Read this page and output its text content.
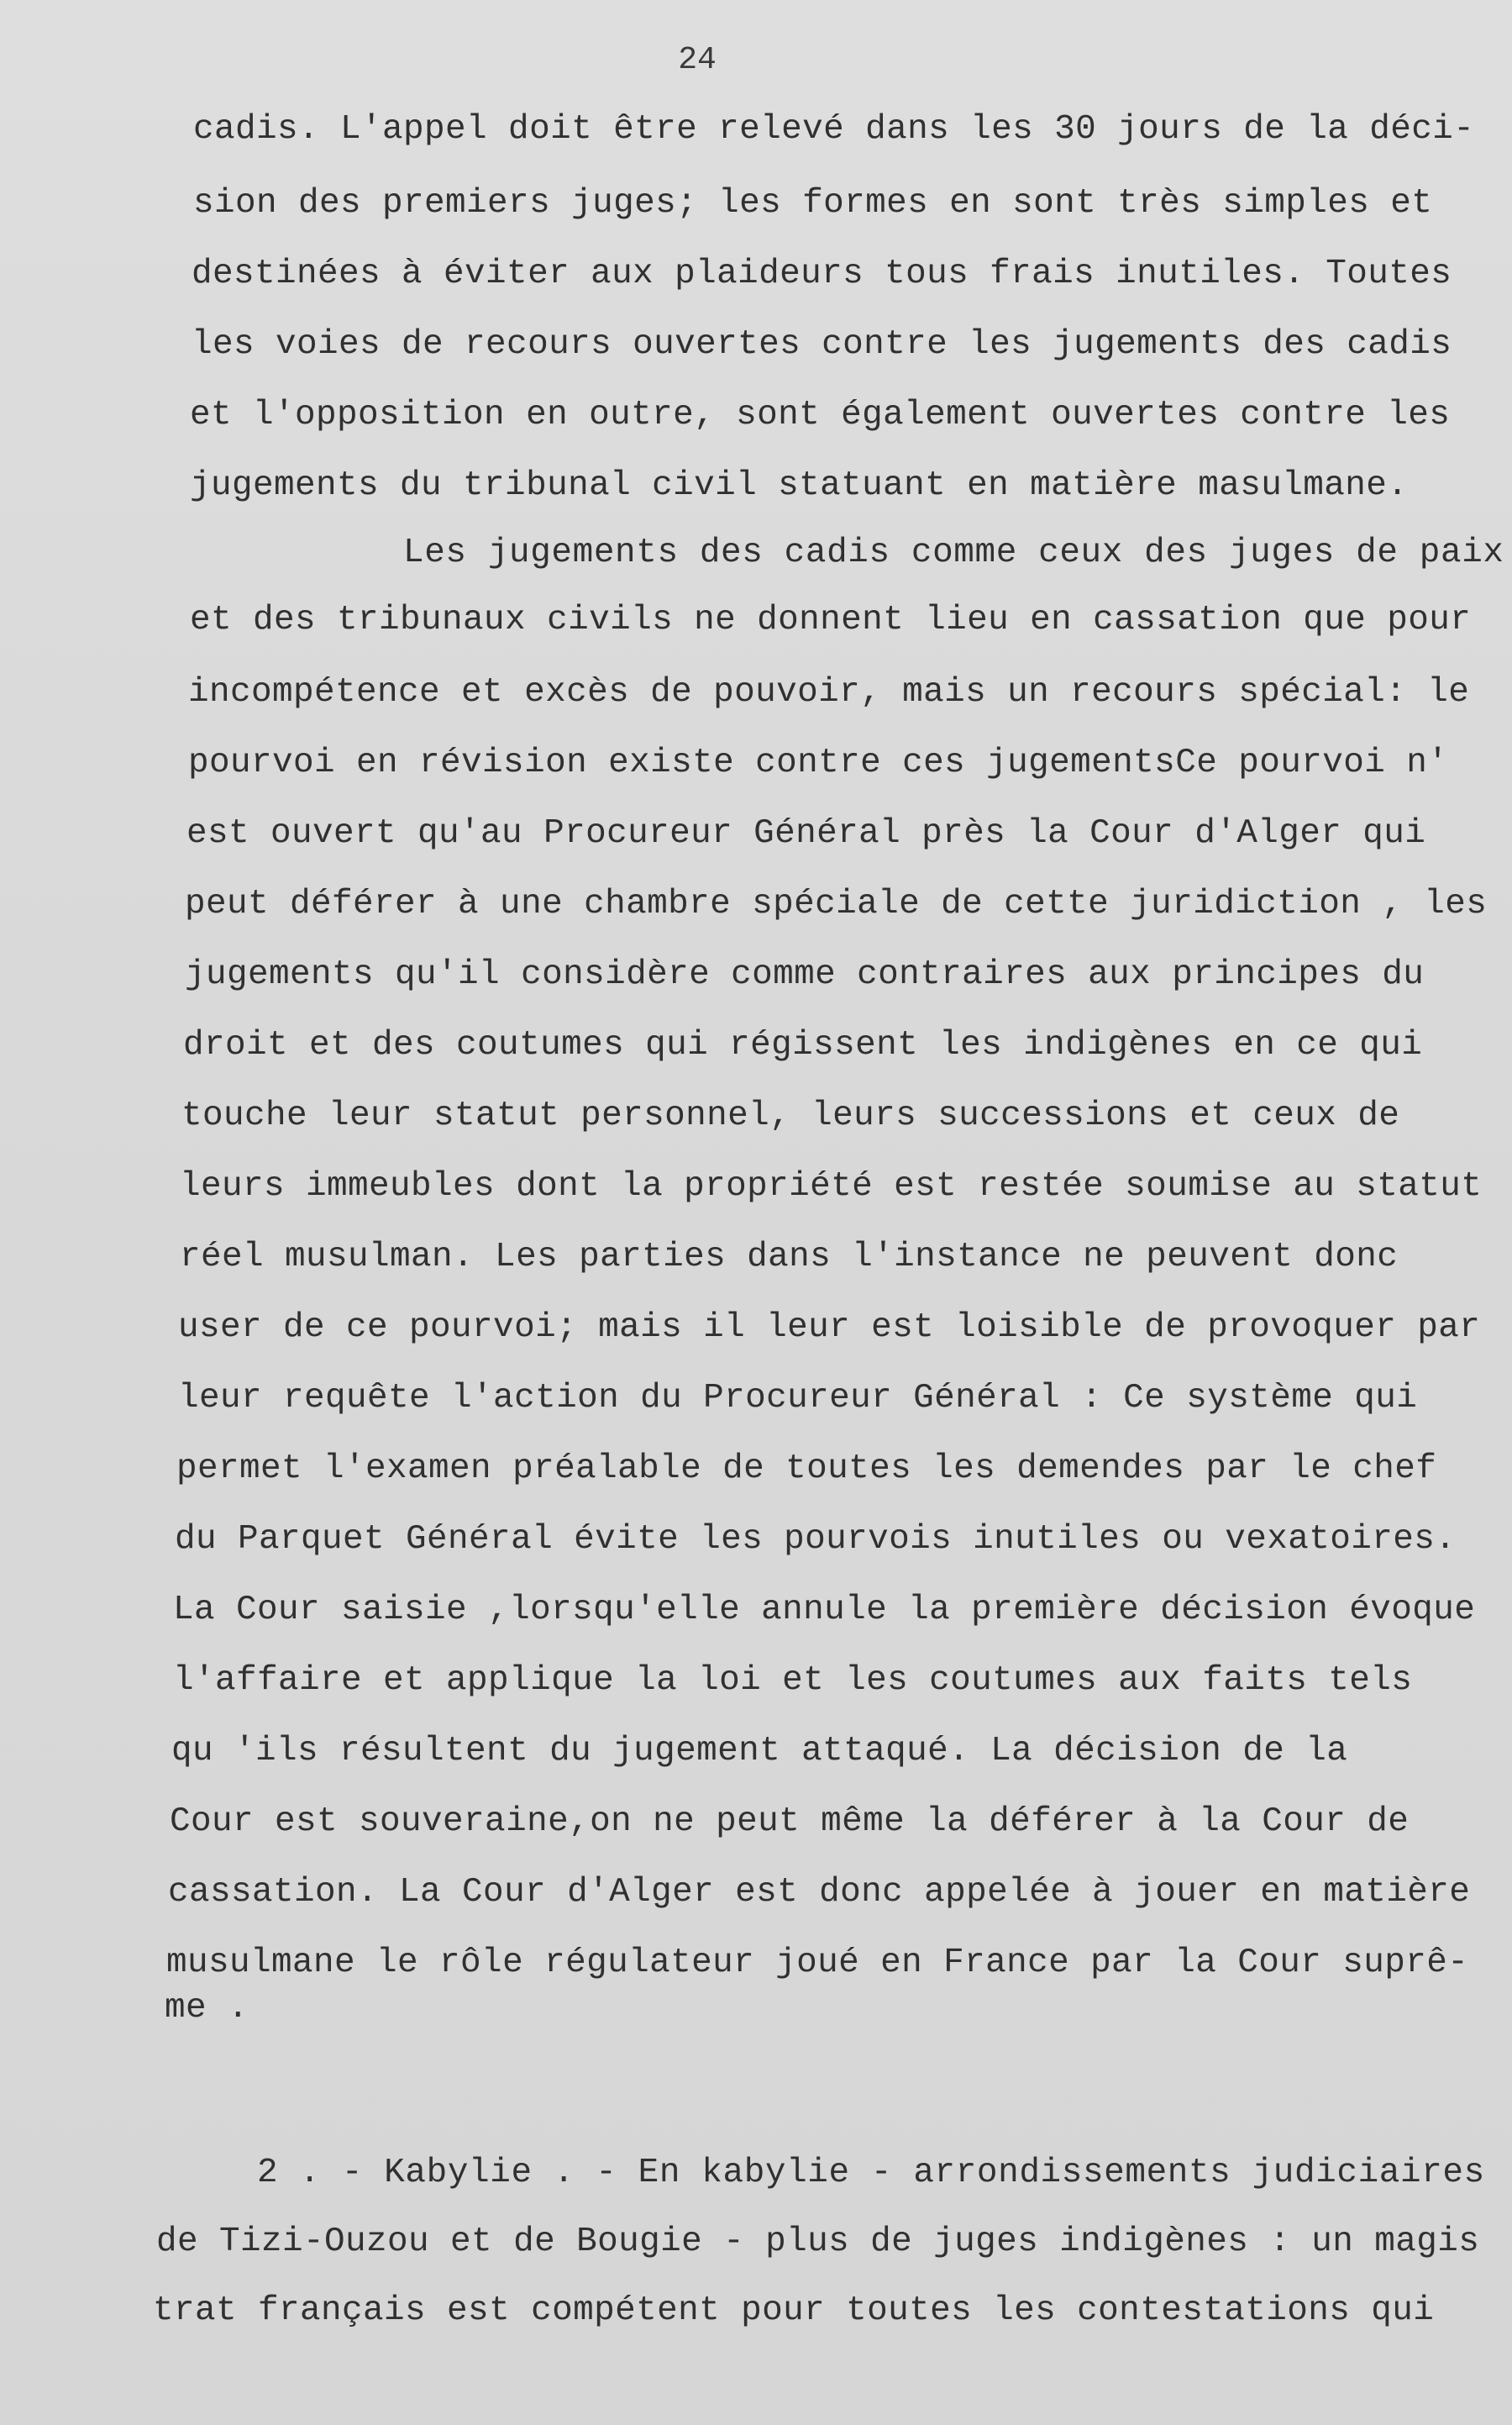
24
cadis. L'appel doit être relevé dans les 30 jours de la déci-
sion des premiers juges; les formes en sont très simples et
destinées à éviter aux plaideurs tous frais inutiles. Toutes
les voies de recours ouvertes contre les jugements des cadis
et l'opposition en outre, sont également ouvertes contre les
jugements du tribunal civil statuant en matière masulmane.
Les jugements des cadis comme ceux des juges de paix
et des tribunaux civils ne donnent lieu en cassation que pour
incompétence et excès de pouvoir, mais un recours spécial: le
pourvoi en révision existe contre ces jugementsCe pourvoi n'
est ouvert qu'au Procureur Général près la Cour d'Alger qui
peut déférer à une chambre spéciale de cette juridiction , les
jugements qu'il considère comme contraires aux principes du
droit et des coutumes qui régissent les indigènes en ce qui
touche leur statut personnel, leurs successions et ceux de
leurs immeubles dont la propriété est restée soumise au statut
réel musulman. Les parties dans l'instance ne peuvent donc
user de ce pourvoi; mais il leur est loisible de provoquer par
leur requête l'action du Procureur Général : Ce système qui
permet l'examen préalable de toutes les demendes par le chef
du Parquet Général évite les pourvois inutiles ou vexatoires.
La Cour saisie ,lorsqu'elle annule la première décision évoque
l'affaire et applique la loi et les coutumes aux faits tels
qu 'ils résultent du jugement attaqué. La décision de la
Cour est souveraine,on ne peut même la déférer à la Cour de
cassation. La Cour d'Alger est donc appelée à jouer en matière
musulmane le rôle régulateur joué en France par la Cour suprê-
me .
2 . - Kabylie . - En kabylie - arrondissements judiciaires
de Tizi-Ouzou et de Bougie - plus de juges indigènes : un magis
trat français est compétent pour toutes les contestations qui
